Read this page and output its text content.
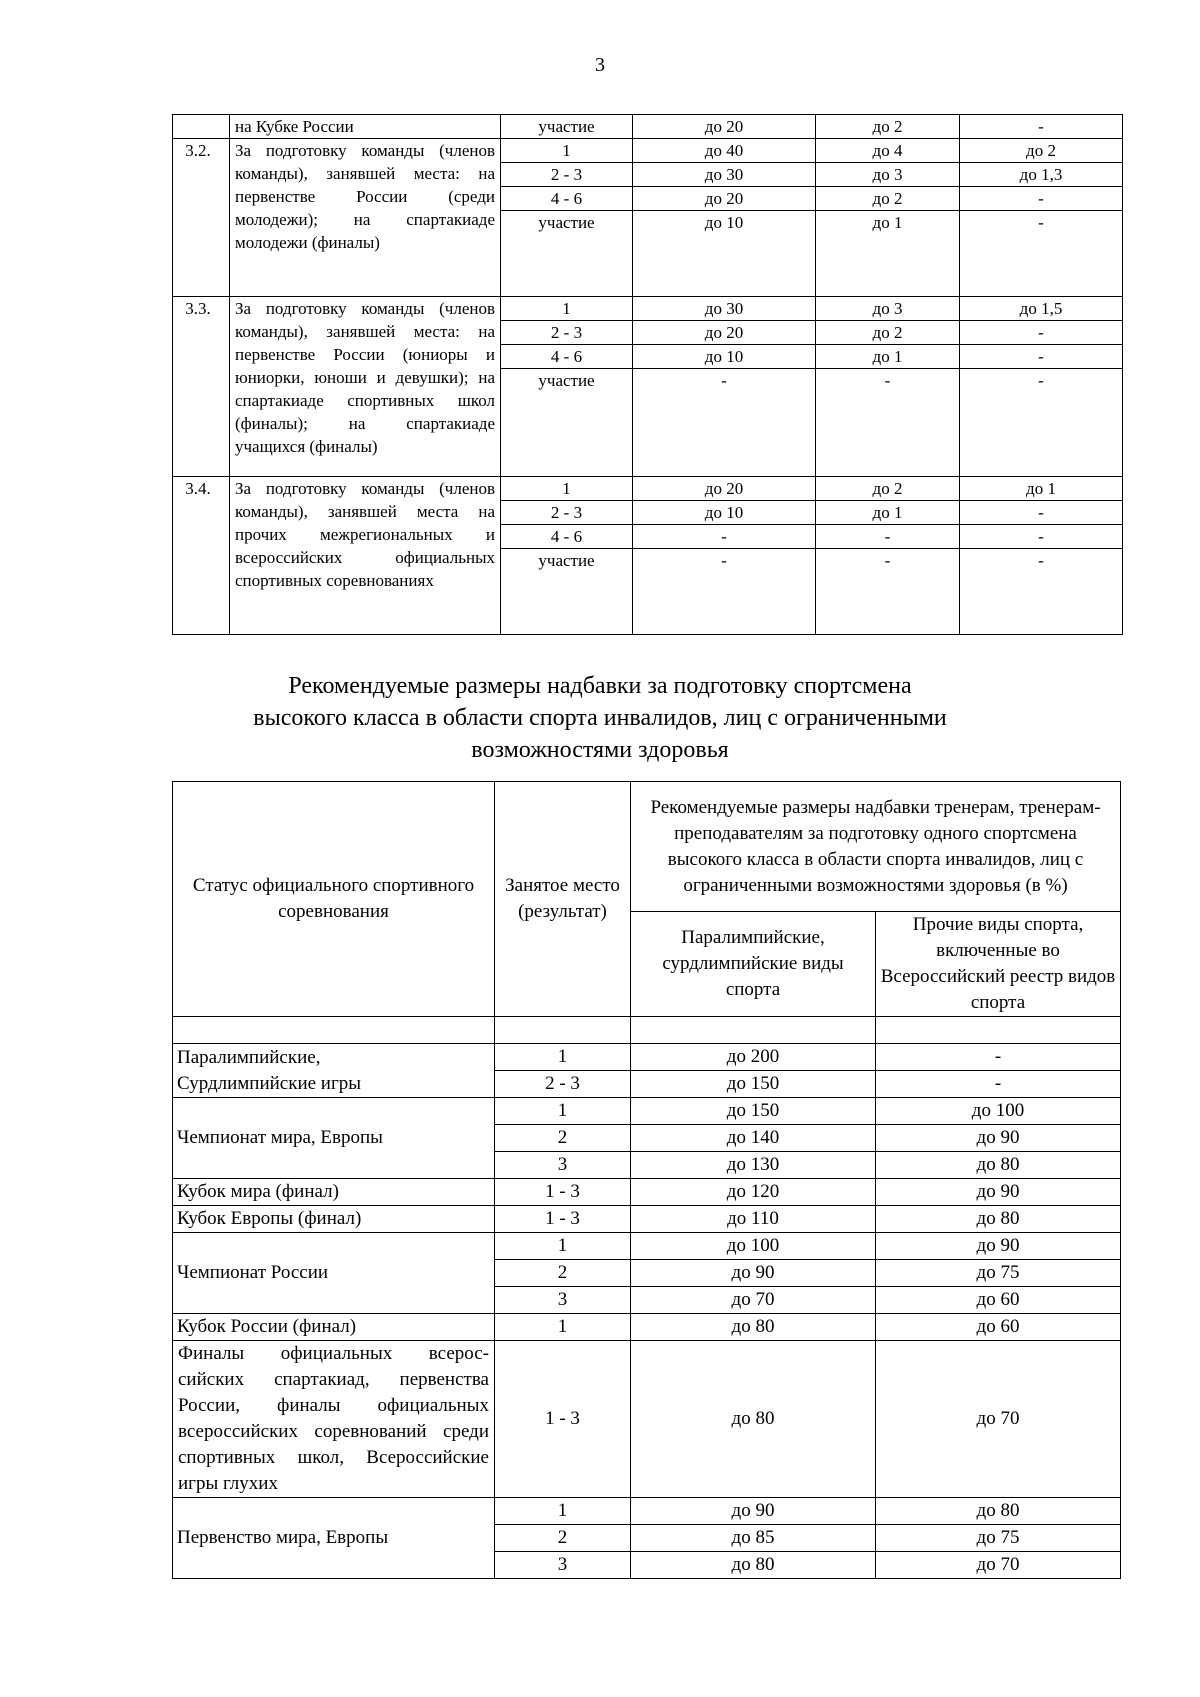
3
	на Кубке России	участие	до 20	до 2	-
3.2.	За подготовку команды (членов команды), занявшей места: на первенстве России (среди молодежи); на спартакиаде молодежи (финалы)	1	до 40	до 4	до 2
		2 - 3	до 30	до 3	до 1,3
		4 - 6	до 20	до 2	-
		участие	до 10	до 1	-
3.3.	За подготовку команды (членов команды), занявшей места: на первенстве России (юниоры и юниорки, юноши и девушки); на спартакиаде спортивных школ (финалы); на спартакиаде учащихся (финалы)	1	до 30	до 3	до 1,5
		2 - 3	до 20	до 2	-
		4 - 6	до 10	до 1	-
		участие	-	-	-
3.4.	За подготовку команды (членов команды), занявшей места на прочих межрегиональных и всероссийских официальных спортивных соревнованиях	1	до 20	до 2	до 1
		2 - 3	до 10	до 1	-
		4 - 6	-	-	-
		участие	-	-	-
Рекомендуемые размеры надбавки за подготовку спортсмена
высокого класса в области спорта инвалидов, лиц с ограниченными
возможностями здоровья
Статус официального спортивного соревнования	Занятое место (результат)	Рекомендуемые размеры надбавки тренерам, тренерам-преподавателям за подготовку одного спортсмена высокого класса в области спорта инвалидов, лиц с ограниченными возможностями здоровья (в %)	
		Паралимпийские, сурдлимпийские виды спорта	Прочие виды спорта, включенные во Всероссийский реестр видов спорта

Паралимпийские,
Сурдлимпийские игры	1	до 200	-
	2 - 3	до 150	-

Чемпионат мира, Европы	1	до 150	до 100
	2	до 140	до 90
	3	до 130	до 80

Кубок мира (финал)	1 - 3	до 120	до 90

Кубок Европы (финал)	1 - 3	до 110	до 80

Чемпионат России	1	до 100	до 90
	2	до 90	до 75
	3	до 70	до 60

Кубок России (финал)	1	до 80	до 60

Финалы официальных всерос-сийских спартакиад, первенства России, финалы официальных всероссийских соревнований среди спортивных школ, Всероссийские игры глухих	1 - 3	до 80	до 70

Первенство мира, Европы	1	до 90	до 80
	2	до 85	до 75
	3	до 80	до 70
